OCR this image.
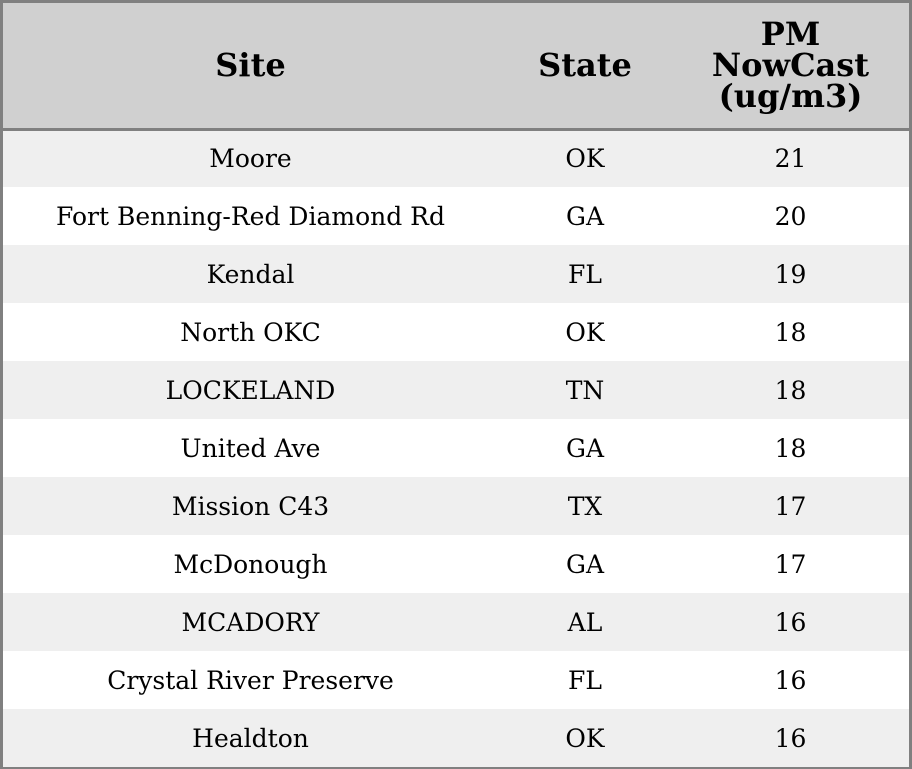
Site	State	PM
NowCast
(ug/m3)

Moore	OK	21
Fort Benning-Red Diamond Rd	GA	20
Kendal	FL	19
North OKC	OK	18
LOCKELAND	TN	18
United Ave	GA	18
Mission C43	TX	17
McDonough	GA	17
MCADORY	AL	16
Crystal River Preserve	FL	16
Healdton	OK	16
